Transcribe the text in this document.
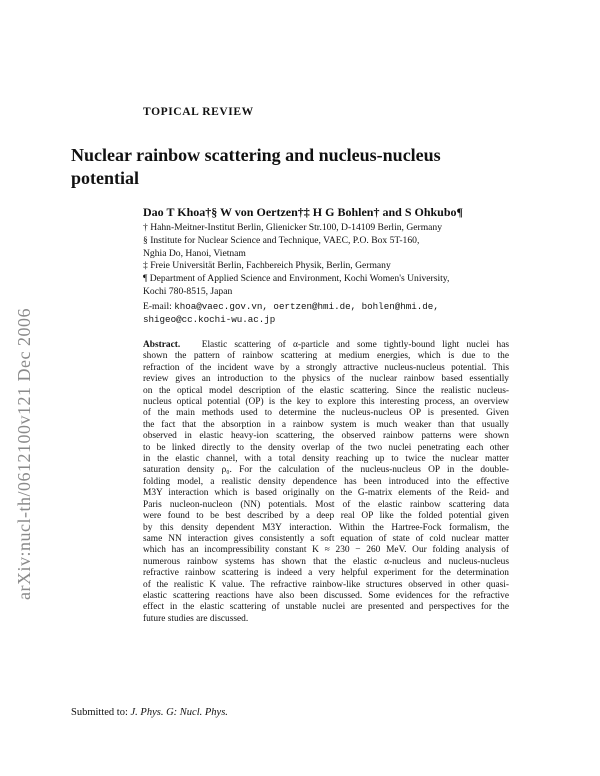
arXiv:nucl-th/0612100v121 Dec 2006
TOPICAL REVIEW
Nuclear rainbow scattering and nucleus-nucleus
potential
Dao T Khoa†§ W von Oertzen†‡ H G Bohlen† and S Ohkubo¶
† Hahn-Meitner-Institut Berlin, Glienicker Str.100, D-14109 Berlin, Germany
§ Institute for Nuclear Science and Technique, VAEC, P.O. Box 5T-160,
Nghia Do, Hanoi, Vietnam
‡ Freie Universität Berlin, Fachbereich Physik, Berlin, Germany
¶ Department of Applied Science and Environment, Kochi Women's University,
Kochi 780-8515, Japan
E-mail: khoa@vaec.gov.vn, oertzen@hmi.de, bohlen@hmi.de,
shigeo@cc.kochi-wu.ac.jp
Abstract. Elastic scattering of α-particle and some tightly-bound light nuclei has
shown the pattern of rainbow scattering at medium energies, which is due to the
refraction of the incident wave by a strongly attractive nucleus-nucleus potential. This
review gives an introduction to the physics of the nuclear rainbow based essentially
on the optical model description of the elastic scattering. Since the realistic nucleus-
nucleus optical potential (OP) is the key to explore this interesting process, an overview
of the main methods used to determine the nucleus-nucleus OP is presented. Given
the fact that the absorption in a rainbow system is much weaker than that usually
observed in elastic heavy-ion scattering, the observed rainbow patterns were shown
to be linked directly to the density overlap of the two nuclei penetrating each other
in the elastic channel, with a total density reaching up to twice the nuclear matter
saturation density ρ₀. For the calculation of the nucleus-nucleus OP in the double-
folding model, a realistic density dependence has been introduced into the effective
M3Y interaction which is based originally on the G-matrix elements of the Reid- and
Paris nucleon-nucleon (NN) potentials. Most of the elastic rainbow scattering data
were found to be best described by a deep real OP like the folded potential given
by this density dependent M3Y interaction. Within the Hartree-Fock formalism, the
same NN interaction gives consistently a soft equation of state of cold nuclear matter
which has an incompressibility constant K ≈ 230 − 260 MeV. Our folding analysis of
numerous rainbow systems has shown that the elastic α-nucleus and nucleus-nucleus
refractive rainbow scattering is indeed a very helpful experiment for the determination
of the realistic K value. The refractive rainbow-like structures observed in other quasi-
elastic scattering reactions have also been discussed. Some evidences for the refractive
effect in the elastic scattering of unstable nuclei are presented and perspectives for the
future studies are discussed.
Submitted to: J. Phys. G: Nucl. Phys.
